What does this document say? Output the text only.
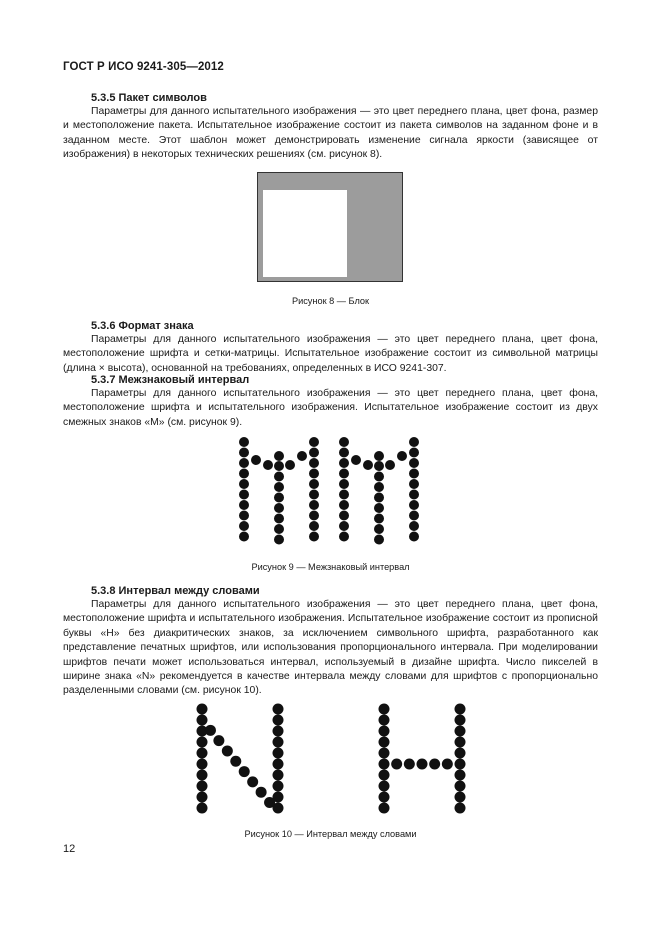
ГОСТ Р ИСО 9241-305—2012
5.3.5 Пакет символов
Параметры для данного испытательного изображения — это цвет переднего плана, цвет фона, размер и местоположение пакета. Испытательное изображение состоит из пакета символов на заданном фоне и в заданном месте. Этот шаблон может демонстрировать изменение сигнала яркости (зависящее от изображения) в некоторых технических решениях (см. рисунок 8).
Рисунок 8 — Блок
5.3.6 Формат знака
Параметры для данного испытательного изображения — это цвет переднего плана, цвет фона, местоположение шрифта и сетки-матрицы. Испытательное изображение состоит из символьной матрицы (длина × высота), основанной на требованиях, определенных в ИСО 9241-307.
5.3.7 Межзнаковый интервал
Параметры для данного испытательного изображения — это цвет переднего плана, цвет фона, местоположение шрифта и испытательного изображения. Испытательное изображение состоит из двух смежных знаков «М» (см. рисунок 9).
Рисунок 9 — Межзнаковый интервал
5.3.8 Интервал между словами
Параметры для данного испытательного изображения — это цвет переднего плана, цвет фона, местоположение шрифта и испытательного изображения. Испытательное изображение состоит из прописной буквы «Н» без диакритических знаков, за исключением символьного шрифта, разработанного как представление печатных шрифтов, или использования пропорционального интервала. При моделировании шрифтов печати может использоваться интервал, используемый в дизайне шрифта. Число пикселей в ширине знака «N» рекомендуется в качестве интервала между словами для шрифтов с пропорционально разделенными словами (см. рисунок 10).
Рисунок 10 — Интервал между словами
12
